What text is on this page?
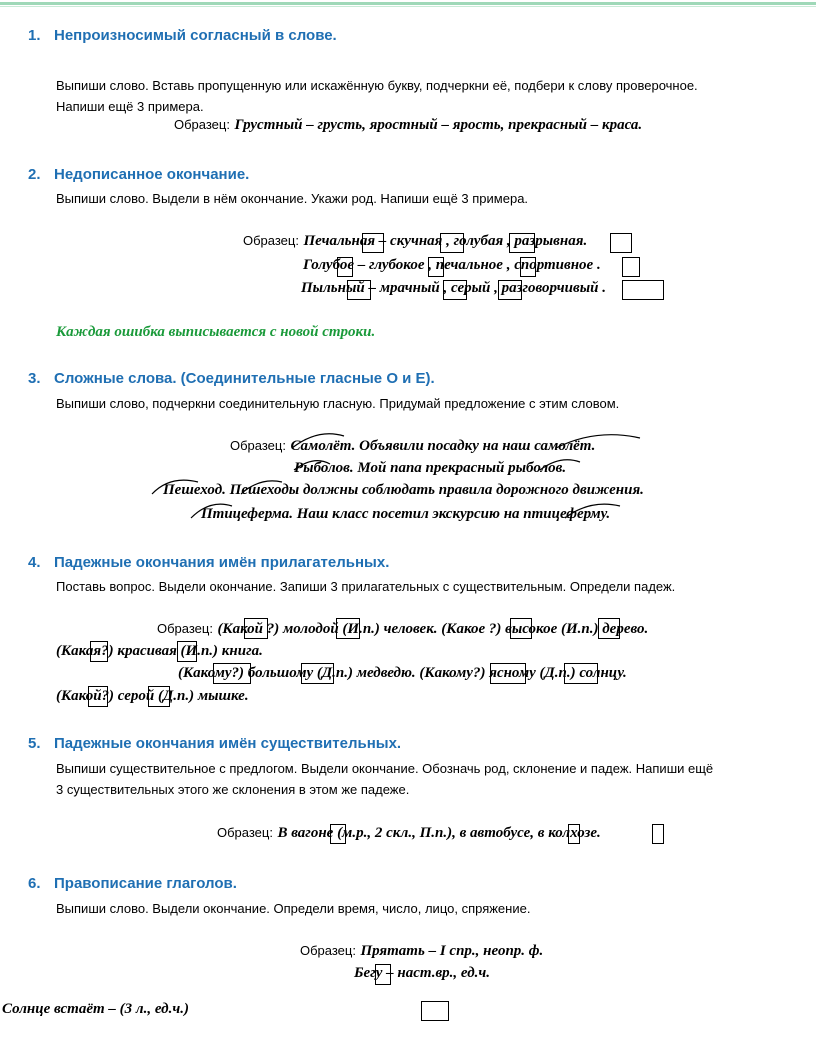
1. Непроизносимый согласный в слове.
Выпиши слово. Вставь пропущенную или искажённую букву, подчеркни её, подбери к слову проверочное.
Напиши ещё 3 примера.
Образец: Грустный – грусть, яростный – ярость, прекрасный – краса.
2. Недописанное окончание.
Выпиши слово. Выдели в нём окончание. Укажи род. Напиши ещё 3 примера.
Образец: Печальная – скучная , голубая , разрывная.
Голубое – глубокое , печальное , спортивное .
Пыльный – мрачный , серый , разговорчивый .
Каждая ошибка выписывается с новой строки.
3. Сложные слова. (Соединительные гласные О и Е).
Выпиши слово, подчеркни соединительную гласную. Придумай предложение с этим словом.
Образец: Самолёт. Объявили посадку на наш самолёт.
Рыболов. Мой папа прекрасный рыболов.
Пешеход. Пешеходы должны соблюдать правила дорожного движения.
Птицеферма. Наш класс посетил экскурсию на птицеферму.
4. Падежные окончания имён прилагательных.
Поставь вопрос. Выдели окончание. Запиши 3 прилагательных с существительным. Определи падеж.
Образец: (Какой ?) молодой (И.п.) человек. (Какое ?) высокое (И.п.) дерево.
(Какая?) красивая (И.п.) книга.
(Какому?) большому (Д.п.) медведю. (Какому?) ясному (Д.п.) солнцу.
(Какой?) серой (Д.п.) мышке.
5. Падежные окончания имён существительных.
Выпиши существительное с предлогом. Выдели окончание. Обозначь род, склонение и падеж. Напиши ещё
3 существительных этого же склонения в этом же падеже.
Образец: В вагоне (м.р., 2 скл., П.п.), в автобусе, в колхозе.
6. Правописание глаголов.
Выпиши слово. Выдели окончание. Определи время, число, лицо, спряжение.
Образец: Прятать – I спр., неопр. ф.
Бегу – наст.вр., ед.ч.
Солнце встаёт – (3 л., ед.ч.)
